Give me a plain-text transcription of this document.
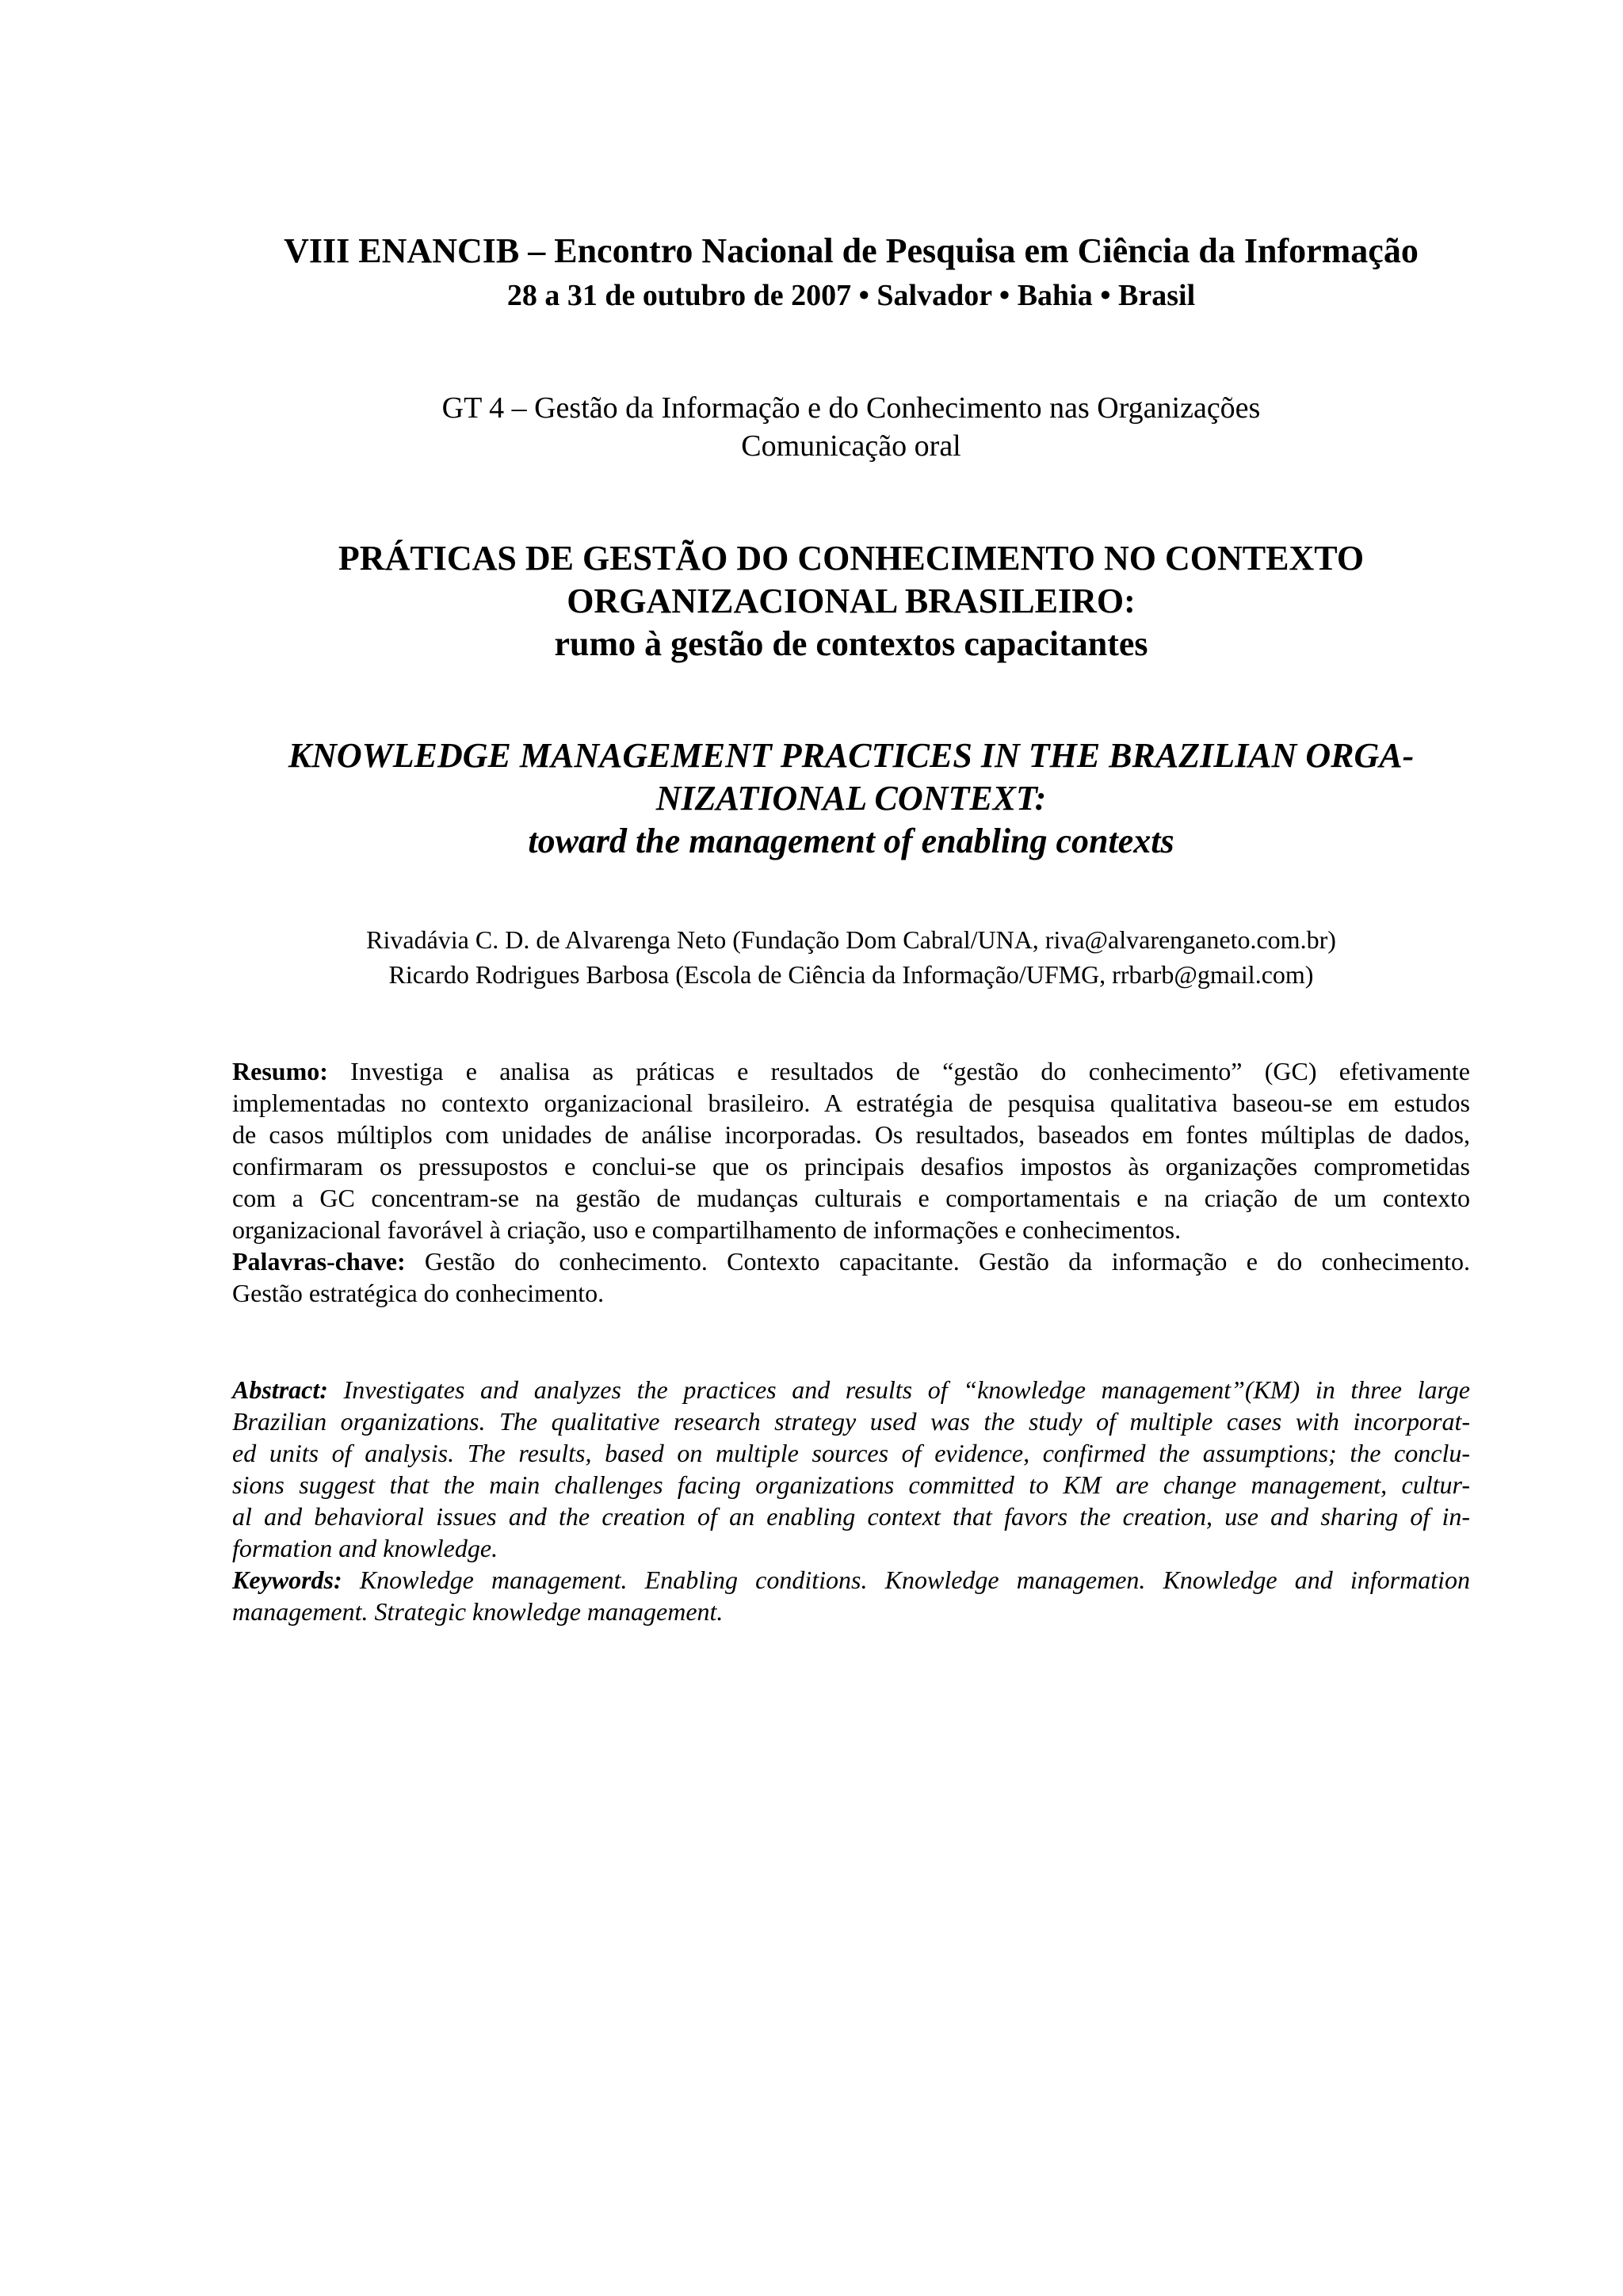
VIII ENANCIB – Encontro Nacional de Pesquisa em Ciência da Informação
28 a 31 de outubro de 2007 • Salvador • Bahia • Brasil
GT 4 – Gestão da Informação e do Conhecimento nas Organizações
Comunicação oral
PRÁTICAS DE GESTÃO DO CONHECIMENTO NO CONTEXTO
ORGANIZACIONAL BRASILEIRO:
rumo à gestão de contextos capacitantes
KNOWLEDGE MANAGEMENT PRACTICES IN THE BRAZILIAN ORGA-
NIZATIONAL CONTEXT:
toward the management of enabling contexts
Rivadávia C. D. de Alvarenga Neto (Fundação Dom Cabral/UNA, riva@alvarenganeto.com.br)
Ricardo Rodrigues Barbosa (Escola de Ciência da Informação/UFMG, rrbarb@gmail.com)
Resumo: Investiga e analisa as práticas e resultados de “gestão do conhecimento” (GC) efetivamente
implementadas no contexto organizacional brasileiro. A estratégia de pesquisa qualitativa baseou-se em estudos
de casos múltiplos com unidades de análise incorporadas. Os resultados, baseados em fontes múltiplas de dados,
confirmaram os pressupostos e conclui-se que os principais desafios impostos às organizações comprometidas
com a GC concentram-se na gestão de mudanças culturais e comportamentais e na criação de um contexto
organizacional favorável à criação, uso e compartilhamento de informações e conhecimentos.
Palavras-chave: Gestão do conhecimento. Contexto capacitante. Gestão da informação e do conhecimento.
Gestão estratégica do conhecimento.
Abstract: Investigates and analyzes the practices and results of “knowledge management”(KM) in three large
Brazilian organizations. The qualitative research strategy used was the study of multiple cases with incorporat-
ed units of analysis. The results, based on multiple sources of evidence, confirmed the assumptions; the conclu-
sions suggest that the main challenges facing organizations committed to KM are change management, cultur-
al and behavioral issues and the creation of an enabling context that favors the creation, use and sharing of in-
formation and knowledge.
Keywords: Knowledge management. Enabling conditions. Knowledge managemen. Knowledge and information
management. Strategic knowledge management.
